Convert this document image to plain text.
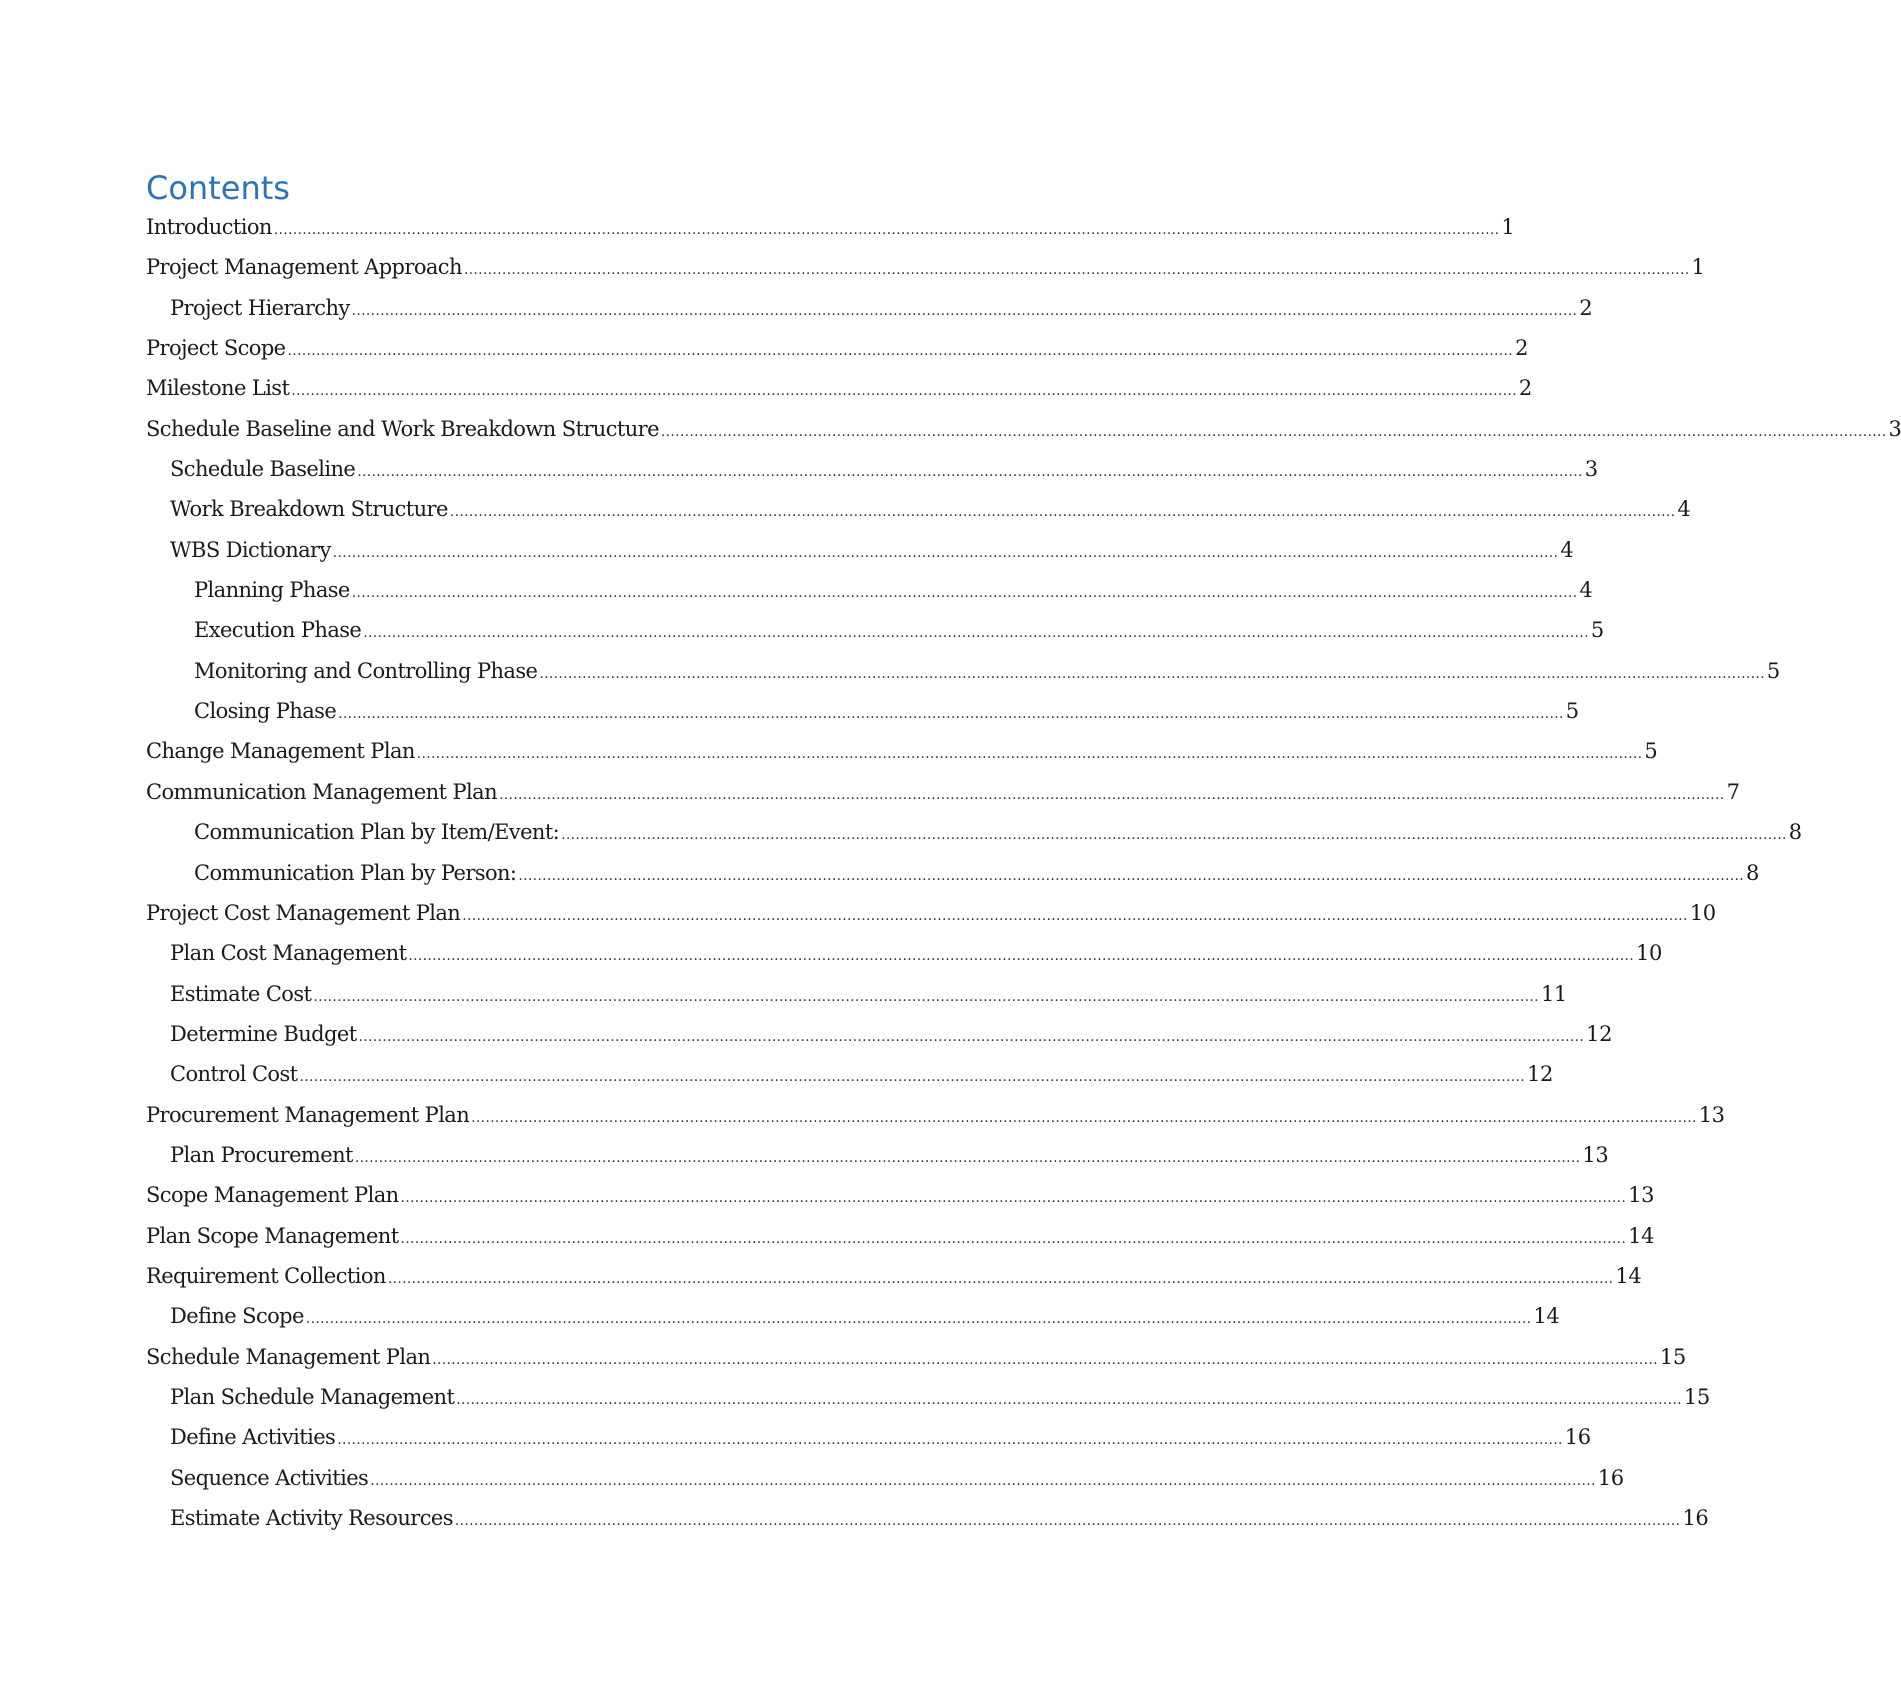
Contents
Introduction .................................................................................................................................................................................................................................................................. 1
Project Management Approach .................................................................................................................................................................................................................................................................. 1
Project Hierarchy .................................................................................................................................................................................................................................................................. 2
Project Scope .................................................................................................................................................................................................................................................................. 2
Milestone List .................................................................................................................................................................................................................................................................. 2
Schedule Baseline and Work Breakdown Structure .................................................................................................................................................................................................................................................................. 3
Schedule Baseline .................................................................................................................................................................................................................................................................. 3
Work Breakdown Structure .................................................................................................................................................................................................................................................................. 4
WBS Dictionary .................................................................................................................................................................................................................................................................. 4
Planning Phase .................................................................................................................................................................................................................................................................. 4
Execution Phase .................................................................................................................................................................................................................................................................. 5
Monitoring and Controlling Phase .................................................................................................................................................................................................................................................................. 5
Closing Phase .................................................................................................................................................................................................................................................................. 5
Change Management Plan .................................................................................................................................................................................................................................................................. 5
Communication Management Plan .................................................................................................................................................................................................................................................................. 7
Communication Plan by Item/Event: .................................................................................................................................................................................................................................................................. 8
Communication Plan by Person: .................................................................................................................................................................................................................................................................. 8
Project Cost Management Plan .................................................................................................................................................................................................................................................................. 10
Plan Cost Management .................................................................................................................................................................................................................................................................. 10
Estimate Cost .................................................................................................................................................................................................................................................................. 11
Determine Budget .................................................................................................................................................................................................................................................................. 12
Control Cost .................................................................................................................................................................................................................................................................. 12
Procurement Management Plan .................................................................................................................................................................................................................................................................. 13
Plan Procurement .................................................................................................................................................................................................................................................................. 13
Scope Management Plan .................................................................................................................................................................................................................................................................. 13
Plan Scope Management .................................................................................................................................................................................................................................................................. 14
Requirement Collection .................................................................................................................................................................................................................................................................. 14
Define Scope .................................................................................................................................................................................................................................................................. 14
Schedule Management Plan .................................................................................................................................................................................................................................................................. 15
Plan Schedule Management .................................................................................................................................................................................................................................................................. 15
Define Activities .................................................................................................................................................................................................................................................................. 16
Sequence Activities .................................................................................................................................................................................................................................................................. 16
Estimate Activity Resources .................................................................................................................................................................................................................................................................. 16
